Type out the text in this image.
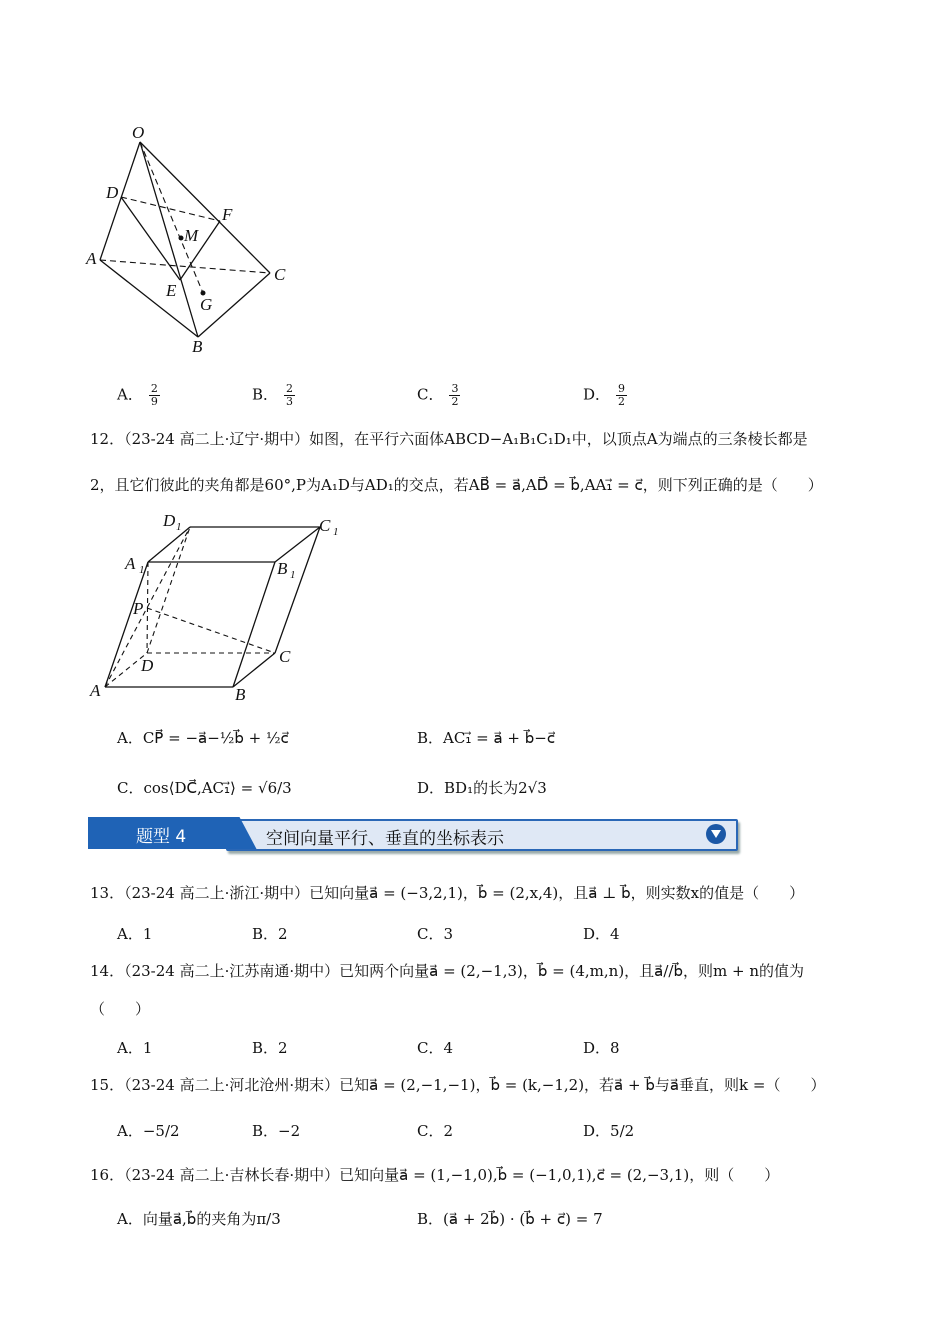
O
D
F
M
A
C
E
G
B
A． $\frac{2}{9}$	B． $\frac{2}{3}$	C． $\frac{3}{2}$	D． $\frac{9}{2}$
12．（23-24 高二上·辽宁·期中）如图，在平行六面体ABCD−A₁B₁C₁D₁中，以顶点A为端点的三条棱长都是
2，且它们彼此的夹角都是60°,P为A₁D与AD₁的交点，若AB⃗ = a⃗,AD⃗ = b⃗,AA₁⃗ = c⃗，则下列正确的是（　　）
D 1	C 1
A 1	B 1
P
D	C
A	B
A．CP⃗ = −a⃗−½b⃗ + ½c⃗	B．AC₁⃗ = a⃗ + b⃗−c⃗
C．cos⟨DC⃗,AC₁⃗⟩ = √6/3	D．BD₁的长为2√3
空间向量平行、垂直的坐标表示
题型 4
13．（23-24 高二上·浙江·期中）已知向量a⃗ = (−3,2,1)，b⃗ = (2,x,4)，且a⃗ ⊥ b⃗，则实数x的值是（　　）
A．1	B．2	C．3	D．4
14．（23-24 高二上·江苏南通·期中）已知两个向量a⃗ = (2,−1,3)，b⃗ = (4,m,n)，且a⃗//b⃗，则m + n的值为
（　　）
A．1	B．2	C．4	D．8
15．（23-24 高二上·河北沧州·期末）已知a⃗ = (2,−1,−1)，b⃗ = (k,−1,2)，若a⃗ + b⃗与a⃗垂直，则k =（　　）
A．−5/2	B．−2	C．2	D．5/2
16．（23-24 高二上·吉林长春·期中）已知向量a⃗ = (1,−1,0),b⃗ = (−1,0,1),c⃗ = (2,−3,1)，则（　　）
A．向量a⃗,b⃗的夹角为π/3	B．(a⃗ + 2b⃗) · (b⃗ + c⃗) = 7
